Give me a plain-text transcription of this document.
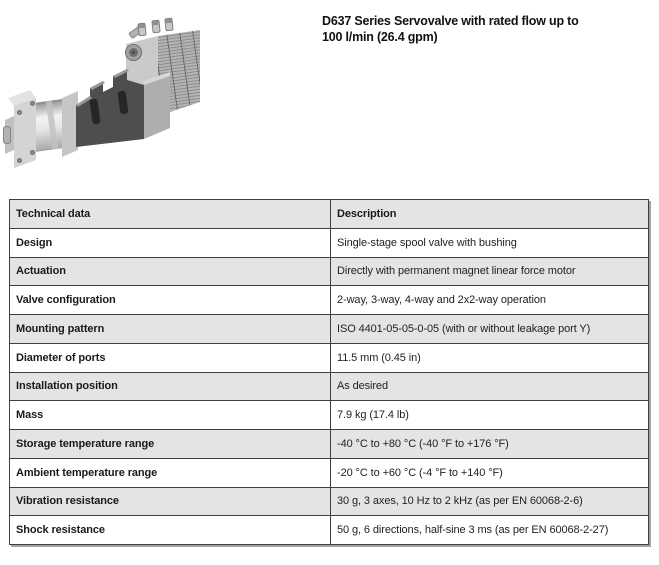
D637 Series Servovalve with rated flow up to
100 l/min (26.4 gpm)
Technical data	Description
Design	Single-stage spool valve with bushing
Actuation	Directly with permanent magnet linear force motor
Valve configuration	2-way, 3-way, 4-way and 2x2-way operation
Mounting pattern	ISO 4401-05-05-0-05 (with or without leakage port Y)
Diameter of ports	11.5 mm (0.45 in)
Installation position	As desired
Mass	7.9 kg (17.4 lb)
Storage temperature range	-40 °C to +80 °C (-40 °F to +176 °F)
Ambient temperature range	-20 °C to +60 °C (-4 °F to +140 °F)
Vibration resistance	30 g, 3 axes, 10 Hz to 2 kHz (as per EN 60068-2-6)
Shock resistance	50 g, 6 directions, half-sine 3 ms (as per EN 60068-2-27)
